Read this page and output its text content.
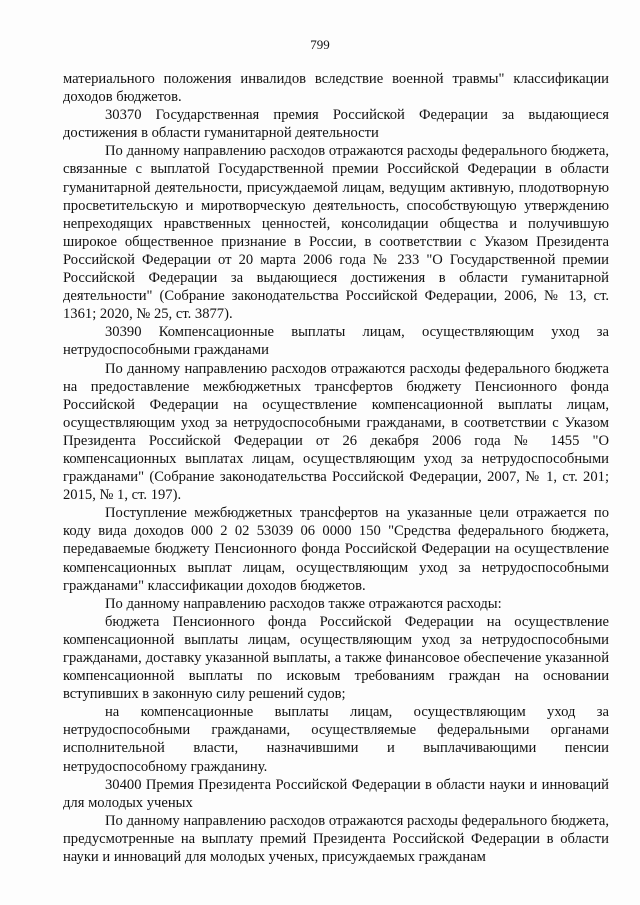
799

материального положения инвалидов вследствие военной травмы" классификации доходов бюджетов.

30370 Государственная премия Российской Федерации за выдающиеся достижения в области гуманитарной деятельности

По данному направлению расходов отражаются расходы федерального бюджета, связанные с выплатой Государственной премии Российской Федерации в области гуманитарной деятельности, присуждаемой лицам, ведущим активную, плодотворную просветительскую и миротворческую деятельность, способствующую утверждению непреходящих нравственных ценностей, консолидации общества и получившую широкое общественное признание в России, в соответствии с Указом Президента Российской Федерации от 20 марта 2006 года № 233 "О Государственной премии Российской Федерации за выдающиеся достижения в области гуманитарной деятельности" (Собрание законодательства Российской Федерации, 2006, № 13, ст. 1361; 2020, № 25, ст. 3877).

30390 Компенсационные выплаты лицам, осуществляющим уход за нетрудоспособными гражданами

По данному направлению расходов отражаются расходы федерального бюджета на предоставление межбюджетных трансфертов бюджету Пенсионного фонда Российской Федерации на осуществление компенсационной выплаты лицам, осуществляющим уход за нетрудоспособными гражданами, в соответствии с Указом Президента Российской Федерации от 26 декабря 2006 года № 1455 "О компенсационных выплатах лицам, осуществляющим уход за нетрудоспособными гражданами" (Собрание законодательства Российской Федерации, 2007, № 1, ст. 201; 2015, № 1, ст. 197).

Поступление межбюджетных трансфертов на указанные цели отражается по коду вида доходов 000 2 02 53039 06 0000 150 "Средства федерального бюджета, передаваемые бюджету Пенсионного фонда Российской Федерации на осуществление компенсационных выплат лицам, осуществляющим уход за нетрудоспособными гражданами" классификации доходов бюджетов.

По данному направлению расходов также отражаются расходы:

бюджета Пенсионного фонда Российской Федерации на осуществление компенсационной выплаты лицам, осуществляющим уход за нетрудоспособными гражданами, доставку указанной выплаты, а также финансовое обеспечение указанной компенсационной выплаты по исковым требованиям граждан на основании вступивших в законную силу решений судов;

на компенсационные выплаты лицам, осуществляющим уход за нетрудоспособными гражданами, осуществляемые федеральными органами исполнительной власти, назначившими и выплачивающими пенсии нетрудоспособному гражданину.

30400 Премия Президента Российской Федерации в области науки и инноваций для молодых ученых

По данному направлению расходов отражаются расходы федерального бюджета, предусмотренные на выплату премий Президента Российской Федерации в области науки и инноваций для молодых ученых, присуждаемых гражданам
